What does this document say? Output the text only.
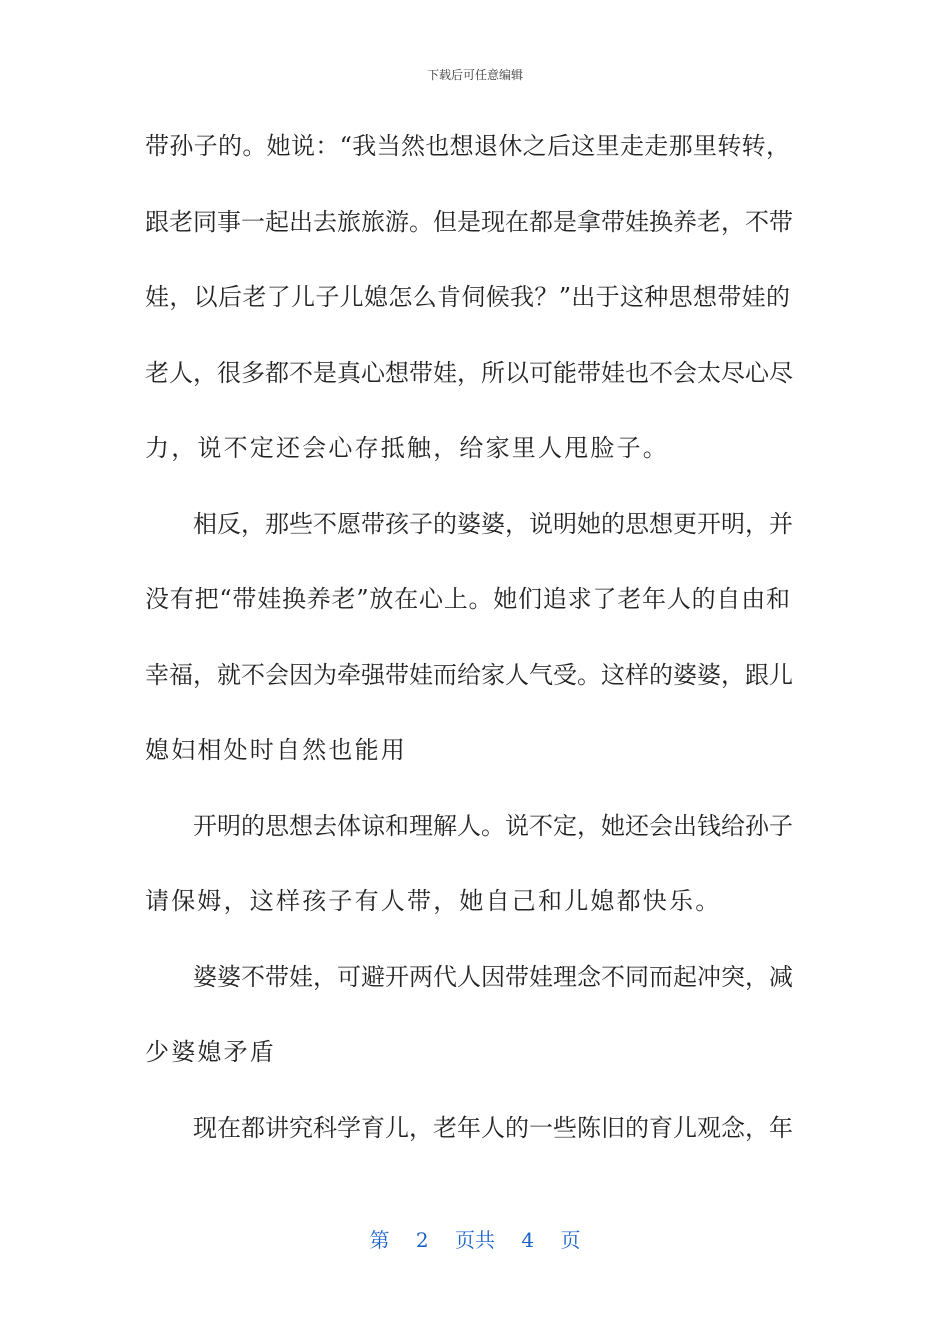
下载后可任意编辑
带孙子的。她说：“我当然也想退休之后这里走走那里转转，
跟老同事一起出去旅旅游。但是现在都是拿带娃换养老，不带
娃，以后老了儿子儿媳怎么肯伺候我？”出于这种思想带娃的
老人，很多都不是真心想带娃，所以可能带娃也不会太尽心尽
力，说不定还会心存抵触，给家里人甩脸子。
相反，那些不愿带孩子的婆婆，说明她的思想更开明，并
没有把“带娃换养老”放在心上。她们追求了老年人的自由和
幸福，就不会因为牵强带娃而给家人气受。这样的婆婆，跟儿
媳妇相处时自然也能用
开明的思想去体谅和理解人。说不定，她还会出钱给孙子
请保姆，这样孩子有人带，她自己和儿媳都快乐。
婆婆不带娃，可避开两代人因带娃理念不同而起冲突，减
少婆媳矛盾
现在都讲究科学育儿，老年人的一些陈旧的育儿观念，年
第 2 页共 4 页
